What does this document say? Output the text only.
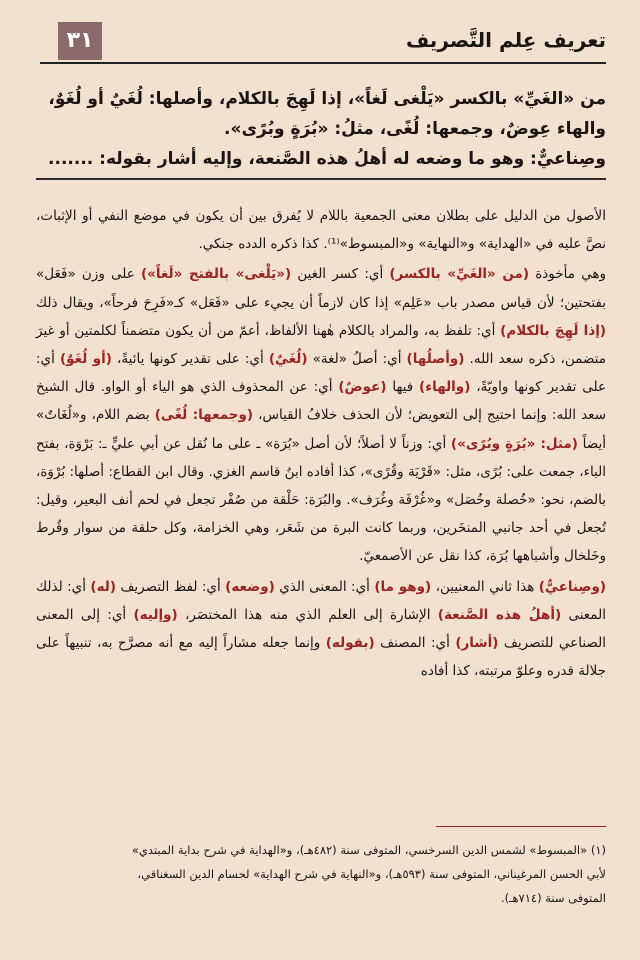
٣١	تعريف عِلم التَّصريف

من «الغَيِّ» بالكسر «يَلْغى لَغاً»، إذا لَهِجَ بالكلام، وأصلها: لُغَيٌ أو لُغَوٌ،

والهاء عِوضٌ، وجمعها: لُغًى، مثلُ: «بُرَةٍ وبُرًى».

وصِناعيٌّ: وهو ما وضعه له أهلُ هذه الصَّنعة، وإليه أشار بقوله: .......

الأصول من الدليل على بطلان معنى الجمعية باللام لا يُفرق بين أن يكون في موضع النفي أو الإثبات، نصَّ عليه في «الهداية» و«النهاية» و«المبسوط»⁽¹⁾. كذا ذكره الدده جنكي.

وهي مأخوذة (من «الغَيِّ» بالكسر) أي: كسر الغين («يَلْغى» بالفتح «لَغاً») على وزن «فَعَل» بفتحتين؛ لأن قياس مصدر باب «عَلِم» إذا كان لازماً أن يجيء على «فَعَل» كـ«فَرِحَ فرحاً»، ويقال ذلك (إذا لَهِجَ بالكلام) أي: تلفظ به، والمراد بالكلام هٰهنا الألفاظ، أعمّ من أن يكون متضمناً لكلمتين أو غيرَ متضمن، ذكره سعد الله. (وأصلُها) أي: أصلُ «لغة» (لُغَيٌ) أي: على تقدير كونها يائيةً، (أو لُغَوٌ) أي: على تقدير كونها واويّةً، (والهاء) فيها (عوضٌ) أي: عن المحذوف الذي هو الياء أو الواو. قال الشيخ سعد الله: وإنما احتيج إلى التعويض؛ لأن الحذف خلافُ القياس، (وجمعها: لُغًى) بضم اللام، و«لُغَاتٌ» أيضاً (مثل: «بُرَةٍ وبُرًى») أي: وزناً لا أصلاً؛ لأن أصل «بُرَة» ـ على ما نُقل عن أبي عليٍّ ـ: بَرْوَة، بفتح الباء، جمعت على: بُرًى، مثل: «قَرْيَة وقُرًى»، كذا أفاده ابنُ قاسم الغزي. وقال ابن القطاع: أصلها: بُرْوَة، بالضم، نحو: «خُصلة وخُصَل» و«غُرْفَة وغُرَف». والبُرَة: حَلْقة من صُفْر تجعل في لحم أنف البعير، وقيل: تُجعل في أحد جانبي المنخَرين، وربما كانت البرة من شَعَر، وهي الخزامة، وكل حلقة من سوار وقُرط وخَلخال وأشباهها بُرَة، كذا نقل عن الأصمعيّ.

(وصِناعيٌّ) هذا ثاني المعنيين، (وهو ما) أي: المعنى الذي (وضعه) أي: لفظ التصريف (له) أي: لذلك المعنى (أهلُ هذه الصَّنعة) الإشارة إلى العلم الذي منه هذا المختصَر، (وإليه) أي: إلى المعنى الصناعي للتصريف (أشار) أي: المصنف (بقوله) وإنما جعله مشاراً إليه مع أنه مصرَّح به، تنبيهاً على جلالة قدره وعلوّ مرتبته، كذا أفاده

(١) «المبسوط» لشمس الدين السرخسي، المتوفى سنة (٤٨٢هـ)، و«الهداية في شرح بداية المبتدي»

لأبي الحسن المرغيناني، المتوفى سنة (٥٩٣هـ)، و«النهاية في شرح الهداية» لحسام الدين السغناقي،

المتوفى سنة (٧١٤هـ).
